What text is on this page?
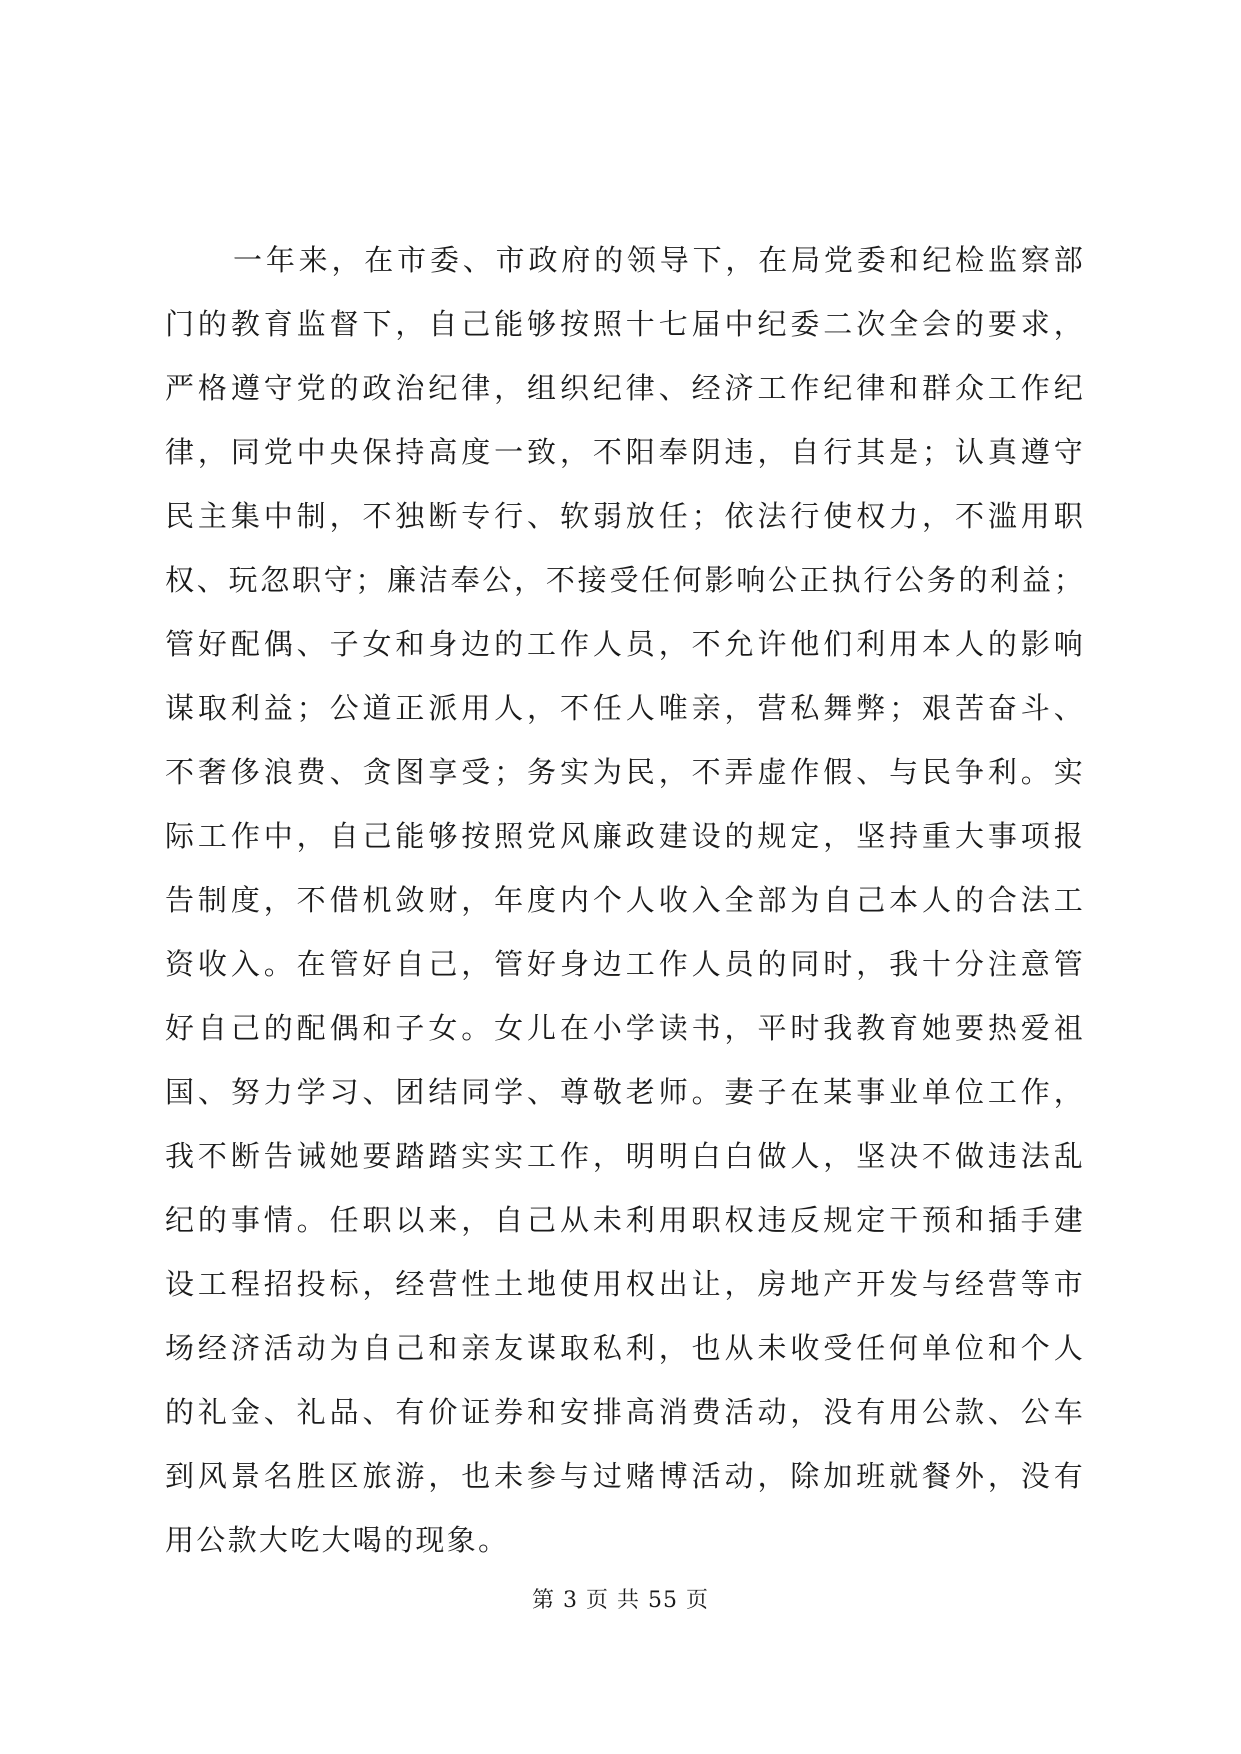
一年来，在市委、市政府的领导下，在局党委和纪检监察部
门的教育监督下，自己能够按照十七届中纪委二次全会的要求，
严格遵守党的政治纪律，组织纪律、经济工作纪律和群众工作纪
律，同党中央保持高度一致，不阳奉阴违，自行其是；认真遵守
民主集中制，不独断专行、软弱放任；依法行使权力，不滥用职
权、玩忽职守；廉洁奉公，不接受任何影响公正执行公务的利益；
管好配偶、子女和身边的工作人员，不允许他们利用本人的影响
谋取利益；公道正派用人，不任人唯亲，营私舞弊；艰苦奋斗、
不奢侈浪费、贪图享受；务实为民，不弄虚作假、与民争利。实
际工作中，自己能够按照党风廉政建设的规定，坚持重大事项报
告制度，不借机敛财，年度内个人收入全部为自己本人的合法工
资收入。在管好自己，管好身边工作人员的同时，我十分注意管
好自己的配偶和子女。女儿在小学读书，平时我教育她要热爱祖
国、努力学习、团结同学、尊敬老师。妻子在某事业单位工作，
我不断告诫她要踏踏实实工作，明明白白做人，坚决不做违法乱
纪的事情。任职以来，自己从未利用职权违反规定干预和插手建
设工程招投标，经营性土地使用权出让，房地产开发与经营等市
场经济活动为自己和亲友谋取私利，也从未收受任何单位和个人
的礼金、礼品、有价证券和安排高消费活动，没有用公款、公车
到风景名胜区旅游，也未参与过赌博活动，除加班就餐外，没有
用公款大吃大喝的现象。

第 3 页 共 55 页
